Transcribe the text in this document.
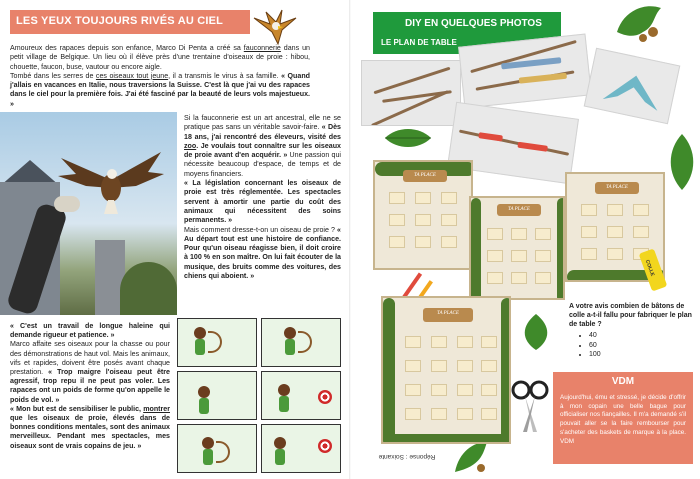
LES YEUX TOUJOURS RIVÉS AU CIEL
Amoureux des rapaces depuis son enfance, Marco Di Penta a créé sa fauconnerie dans un petit village de Belgique. Un lieu où il élève près d'une trentaine d'oiseaux de proie : hibou, chouette, faucon, buse, vautour ou encore aigle.
Tombé dans les serres de ces oiseaux tout jeune, il a transmis le virus à sa famille. « Quand j'allais en vacances en Italie, nous traversions la Suisse. C'est là que j'ai vu des rapaces dans le ciel pour la première fois. J'ai été fasciné par la beauté de leurs vols majestueux. »

Si la fauconnerie est un art ancestral, elle ne se pratique pas sans un véritable savoir-faire. « Dès 18 ans, j'ai rencontré des éleveurs, visité des zoo. Je voulais tout connaître sur les oiseaux de proie avant d'en acquérir. » Une passion qui nécessite beaucoup d'espace, de temps et de moyens financiers.

« La législation concernant les oiseaux de proie est très réglementée. Les spectacles servent à amortir une partie du coût des animaux qui nécessitent des soins permanents. »

Mais comment dresse-t-on un oiseau de proie ? « Au départ tout est une histoire de confiance. Pour qu'un oiseau réagisse bien, il doit croire à 100 % en son maître. On lui fait écouter de la musique, des bruits comme des voitures, des chiens qui aboient. »

« C'est un travail de longue haleine qui demande rigueur et patience. »
Marco affaite ses oiseaux pour la chasse ou pour des démonstrations de haut vol. Mais les animaux, vifs et rapides, doivent être posés avant chaque prestation. « Trop maigre l'oiseau peut être agressif, trop repu il ne peut pas voler. Les rapaces ont un poids de forme qu'on appelle le poids de vol. »
« Mon but est de sensibiliser le public, montrer que les oiseaux de proie, élevés dans de bonnes conditions mentales, sont des animaux merveilleux. Pendant mes spectacles, mes oiseaux sont de vrais copains de jeu. »
DIY EN QUELQUES PHOTOS
LE PLAN DE TABLE
TA PLACE
TA PLACE
TA PLACE
COLLE
TA PLACE
A votre avis combien de bâtons de colle a-t-il fallu pour fabriquer le plan de table ?
• 40
• 60
• 100
VDM
Aujourd'hui, ému et stressé, je décide d'offrir à mon copain une belle bague pour officialiser nos fiançailles. Il m'a demandé s'il pouvait aller se la faire rembourser pour s'acheter des baskets de marque à la place. VDM
Réponse : Soixante
